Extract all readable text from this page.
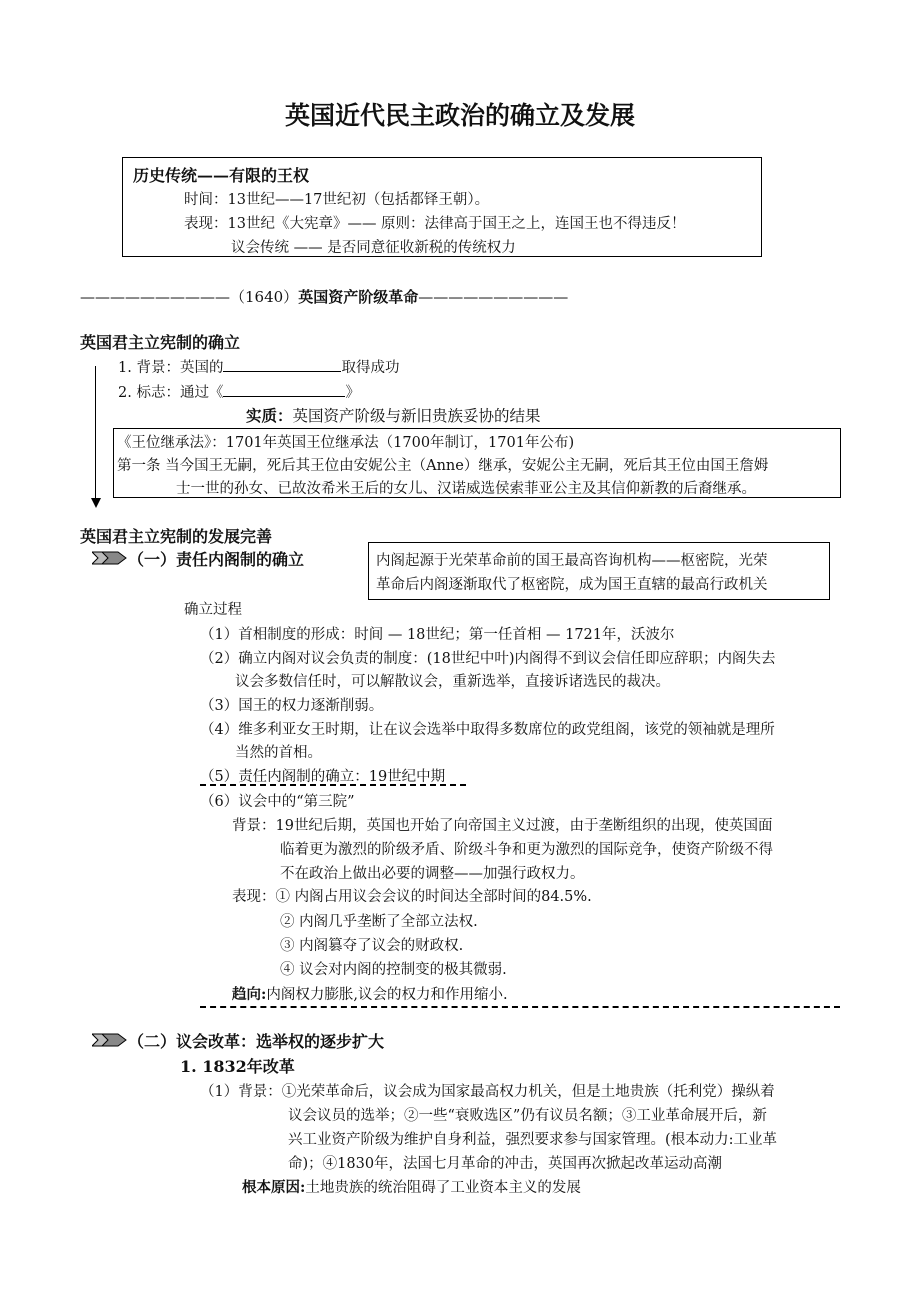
英国近代民主政治的确立及发展
历史传统——有限的王权
时间：13世纪——17世纪初（包括都铎王朝）。
表现：13世纪《大宪章》—— 原则：法律高于国王之上，连国王也不得违反！
议会传统 —— 是否同意征收新税的传统权力
——————————（1640）英国资产阶级革命——————————
英国君主立宪制的确立
1. 背景：英国的	取得成功
2. 标志：通过《	》
实质：英国资产阶级与新旧贵族妥协的结果
《王位继承法》：1701年英国王位继承法（1700年制订，1701年公布)
第一条 当今国王无嗣，死后其王位由安妮公主（Anne）继承，安妮公主无嗣，死后其王位由国王詹姆
士一世的孙女、已故汝希米王后的女儿、汉诺威选侯索菲亚公主及其信仰新教的后裔继承。
英国君主立宪制的发展完善
（一）责任内阁制的确立	内阁起源于光荣革命前的国王最高咨询机构——枢密院，光荣
革命后内阁逐渐取代了枢密院，成为国王直辖的最高行政机关
确立过程
（1）首相制度的形成：时间 — 18世纪；第一任首相 — 1721年，沃波尔
（2）确立内阁对议会负责的制度：(18世纪中叶)内阁得不到议会信任即应辞职；内阁失去
议会多数信任时，可以解散议会，重新选举，直接诉诸选民的裁决。
（3）国王的权力逐渐削弱。
（4）维多利亚女王时期，让在议会选举中取得多数席位的政党组阁，该党的领袖就是理所
当然的首相。
（5）责任内阁制的确立：19世纪中期
（6）议会中的“第三院”
背景：19世纪后期，英国也开始了向帝国主义过渡，由于垄断组织的出现，使英国面
临着更为激烈的阶级矛盾、阶级斗争和更为激烈的国际竞争，使资产阶级不得
不在政治上做出必要的调整——加强行政权力。
表现：① 内阁占用议会会议的时间达全部时间的84.5%.
② 内阁几乎垄断了全部立法权.
③ 内阁篡夺了议会的财政权.
④ 议会对内阁的控制变的极其微弱.
趋向:内阁权力膨胀,议会的权力和作用缩小.
（二）议会改革：选举权的逐步扩大
1. 1832年改革
（1）背景：①光荣革命后，议会成为国家最高权力机关，但是土地贵族（托利党）操纵着
议会议员的选举；②一些“衰败选区”仍有议员名额；③工业革命展开后，新
兴工业资产阶级为维护自身利益，强烈要求参与国家管理。(根本动力:工业革
命)；④1830年，法国七月革命的冲击，英国再次掀起改革运动高潮
根本原因:土地贵族的统治阻碍了工业资本主义的发展
